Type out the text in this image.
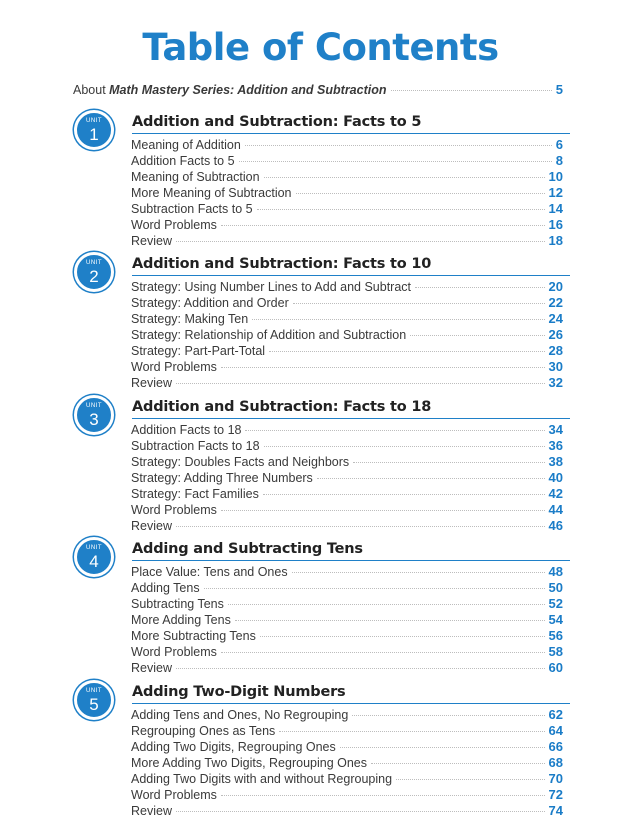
Table of Contents
About Math Mastery Series: Addition and Subtraction	5
UNIT
1
Addition and Subtraction: Facts to 5
Meaning of Addition	6
Addition Facts to 5	8
Meaning of Subtraction	10
More Meaning of Subtraction	12
Subtraction Facts to 5	14
Word Problems	16
Review	18
UNIT
2
Addition and Subtraction: Facts to 10
Strategy: Using Number Lines to Add and Subtract	20
Strategy: Addition and Order	22
Strategy: Making Ten	24
Strategy: Relationship of Addition and Subtraction	26
Strategy: Part-Part-Total	28
Word Problems	30
Review	32
UNIT
3
Addition and Subtraction: Facts to 18
Addition Facts to 18	34
Subtraction Facts to 18	36
Strategy: Doubles Facts and Neighbors	38
Strategy: Adding Three Numbers	40
Strategy: Fact Families	42
Word Problems	44
Review	46
UNIT
4
Adding and Subtracting Tens
Place Value: Tens and Ones	48
Adding Tens	50
Subtracting Tens	52
More Adding Tens	54
More Subtracting Tens	56
Word Problems	58
Review	60
UNIT
5
Adding Two-Digit Numbers
Adding Tens and Ones, No Regrouping	62
Regrouping Ones as Tens	64
Adding Two Digits, Regrouping Ones	66
More Adding Two Digits, Regrouping Ones	68
Adding Two Digits with and without Regrouping	70
Word Problems	72
Review	74
